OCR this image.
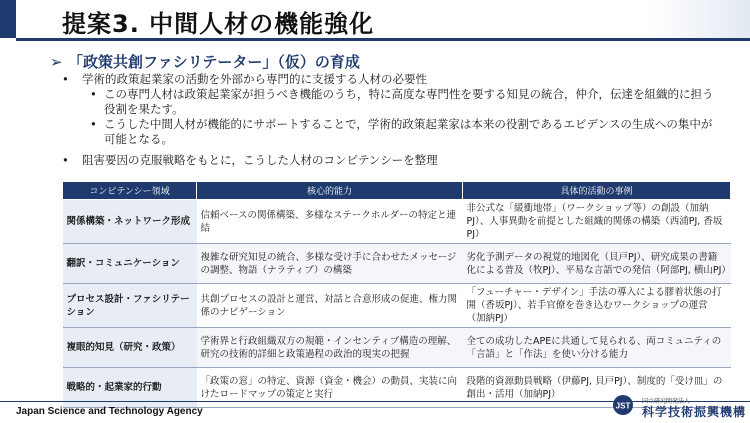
提案3. 中間人材の機能強化
➢ 「政策共創ファシリテーター」（仮）の育成
• 学術的政策起業家の活動を外部から専門的に支援する人材の必要性
• この専門人材は政策起業家が担うべき機能のうち，特に高度な専門性を要する知見の統合，仲介，伝達を組織的に担う役割を果たす。
• こうした中間人材が機能的にサポートすることで，学術的政策起業家は本来の役割であるエビデンスの生成への集中が可能となる。
• 阻害要因の克服戦略をもとに，こうした人材のコンピテンシーを整理
コンピテンシー領域	核心的能力	具体的活動の事例
関係構築・ネットワーク形成	信頼ベースの関係構築、多様なステークホルダーの特定と連結	非公式な「緩衝地帯」（ワークショップ等）の創設（加納PJ）、人事異動を前提とした組織的関係の構築（西浦PJ, 香坂PJ）
翻訳・コミュニケーション	複雑な研究知見の統合、多様な受け手に合わせたメッセージの調整、物語（ナラティブ）の構築	劣化予測データの視覚的地図化（貝戸PJ）、研究成果の書籍化による普及（牧PJ）、平易な言語での発信（阿部PJ, 横山PJ）
プロセス設計・ファシリテーション	共創プロセスの設計と運営、対話と合意形成の促進、権力関係のナビゲーション	「フューチャー・デザイン」手法の導入による膠着状態の打開（香坂PJ）、若手官僚を巻き込むワークショップの運営（加納PJ）
複眼的知見（研究・政策）	学術界と行政組織双方の規範・インセンティブ構造の理解、研究の技術的詳細と政策過程の政治的現実の把握	全ての成功したAPEに共通して見られる、両コミュニティの「言語」と「作法」を使い分ける能力
戦略的・起業家的行動	「政策の窓」の特定、資源（資金・機会）の動員、実装に向けたロードマップの策定と実行	段階的資源動員戦略（伊藤PJ, 貝戸PJ）、制度的「受け皿」の創出・活用（加納PJ）
Japan Science and Technology Agency	JST 国立研究開発法人
科学技術振興機構
